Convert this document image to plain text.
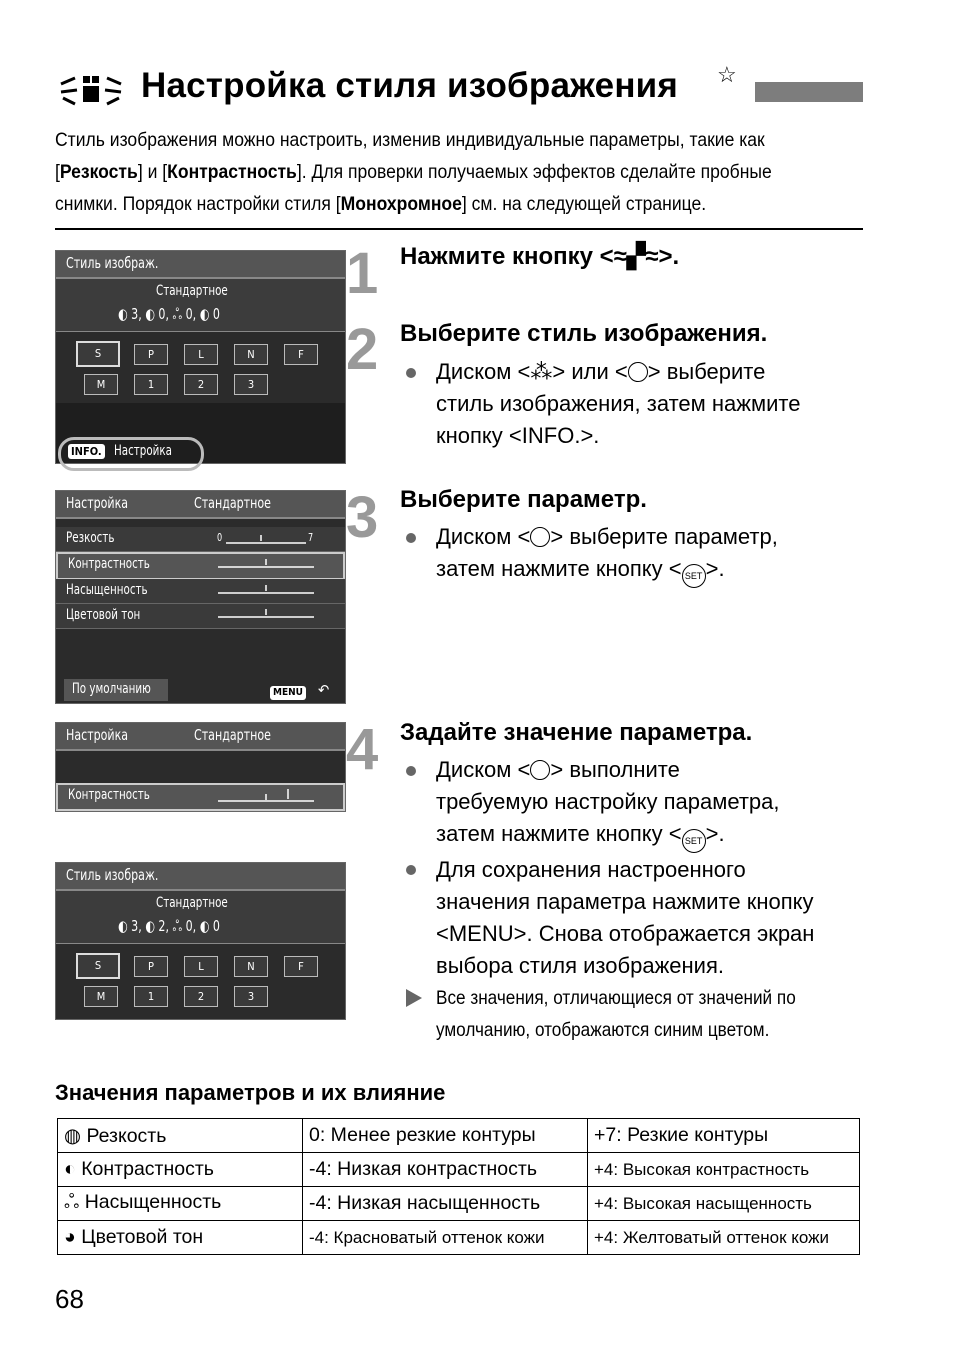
Настройка стиля изображения ☆
Стиль изображения можно настроить, изменив индивидуальные параметры, такие как
[Резкость] и [Контрастность]. Для проверки получаемых эффектов сделайте пробные
снимки. Порядок настройки стиля [Монохромное] см. на следующей странице.
Стиль изображ.
Стандартное
◐ 3, ◐ 0, ஃ 0, ◐ 0
S	P	L	N	F
M	1	2	3
INFO. Настройка
Настройка	Стандартное
Резкость	0	7
Контрастность
Насыщенность
Цветовой тон
По умолчанию	MENU ↶
Настройка	Стандартное
Контрастность
Стиль изображ.
Стандартное
◐ 3, ◐ 2, ஃ 0, ◐ 0
S	P	L	N	F
M	1	2	3
1 Нажмите кнопку <≈▞≈>.
2 Выберите стиль изображения.
Диском <⁂> или < > выберите
стиль изображения, затем нажмите
кнопку <INFO.>.
3 Выберите параметр.
Диском < > выберите параметр,
затем нажмите кнопку < SET >.
4 Задайте значение параметра.
Диском < > выполните
требуемую настройку параметра,
затем нажмите кнопку < SET >.
Для сохранения настроенного
значения параметра нажмите кнопку
<MENU>. Снова отображается экран
выбора стиля изображения.
Все значения, отличающиеся от значений по
умолчанию, отображаются синим цветом.
Значения параметров и их влияние
◍ Резкость	0: Менее резкие контуры	+7: Резкие контуры
◐ Контрастность	-4: Низкая контрастность	+4: Высокая контрастность
ஃ Насыщенность	-4: Низкая насыщенность	+4: Высокая насыщенность
◕ Цветовой тон	-4: Красноватый оттенок кожи	+4: Желтоватый оттенок кожи
68
